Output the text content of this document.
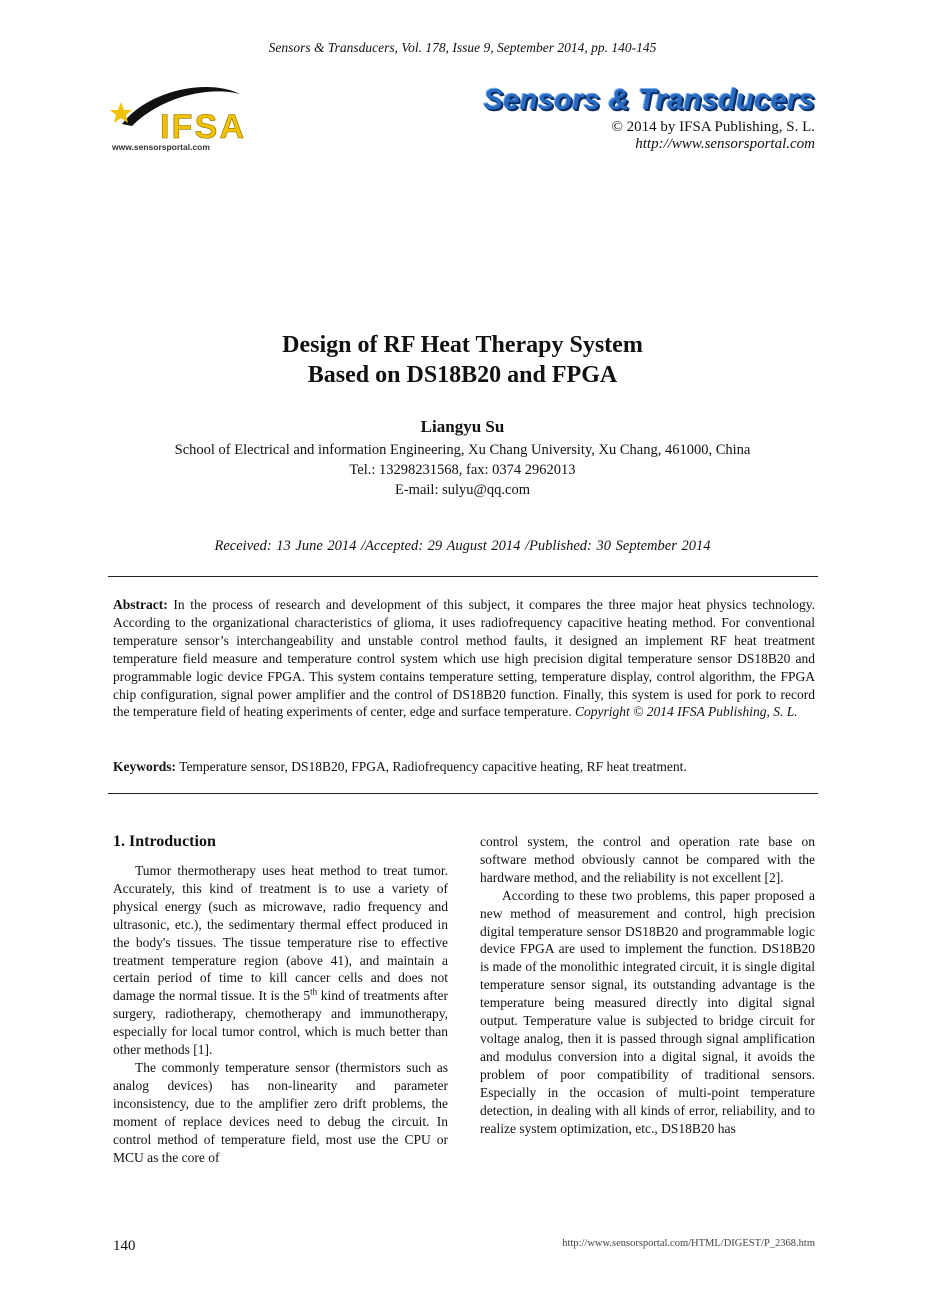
Sensors & Transducers, Vol. 178, Issue 9, September 2014, pp. 140-145
IFSA
www.sensorsportal.com
Sensors & Transducers
© 2014 by IFSA Publishing, S. L.
http://www.sensorsportal.com
Design of RF Heat Therapy System
Based on DS18B20 and FPGA
Liangyu Su
School of Electrical and information Engineering, Xu Chang University, Xu Chang, 461000, China
Tel.: 13298231568, fax: 0374 2962013
E-mail: sulyu@qq.com
Received: 13 June 2014 /Accepted: 29 August 2014 /Published: 30 September 2014
Abstract: In the process of research and development of this subject, it compares the three major heat physics technology. According to the organizational characteristics of glioma, it uses radiofrequency capacitive heating method. For conventional temperature sensor’s interchangeability and unstable control method faults, it designed an implement RF heat treatment temperature field measure and temperature control system which use high precision digital temperature sensor DS18B20 and programmable logic device FPGA. This system contains temperature setting, temperature display, control algorithm, the FPGA chip configuration, signal power amplifier and the control of DS18B20 function. Finally, this system is used for pork to record the temperature field of heating experiments of center, edge and surface temperature. Copyright © 2014 IFSA Publishing, S. L.
Keywords: Temperature sensor, DS18B20, FPGA, Radiofrequency capacitive heating, RF heat treatment.
1. Introduction

Tumor thermotherapy uses heat method to treat tumor. Accurately, this kind of treatment is to use a variety of physical energy (such as microwave, radio frequency and ultrasonic, etc.), the sedimentary thermal effect produced in the body's tissues. The tissue temperature rise to effective treatment temperature region (above 41), and maintain a certain period of time to kill cancer cells and does not damage the normal tissue. It is the 5th kind of treatments after surgery, radiotherapy, chemotherapy and immunotherapy, especially for local tumor control, which is much better than other methods [1].

The commonly temperature sensor (thermistors such as analog devices) has non-linearity and parameter inconsistency, due to the amplifier zero drift problems, the moment of replace devices need to debug the circuit. In control method of temperature field, most use the CPU or MCU as the core of

control system, the control and operation rate base on software method obviously cannot be compared with the hardware method, and the reliability is not excellent [2].

According to these two problems, this paper proposed a new method of measurement and control, high precision digital temperature sensor DS18B20 and programmable logic device FPGA are used to implement the function. DS18B20 is made of the monolithic integrated circuit, it is single digital temperature sensor signal, its outstanding advantage is the temperature being measured directly into digital signal output. Temperature value is subjected to bridge circuit for voltage analog, then it is passed through signal amplification and modulus conversion into a digital signal, it avoids the problem of poor compatibility of traditional sensors. Especially in the occasion of multi-point temperature detection, in dealing with all kinds of error, reliability, and to realize system optimization, etc., DS18B20 has

140	http://www.sensorsportal.com/HTML/DIGEST/P_2368.htm
